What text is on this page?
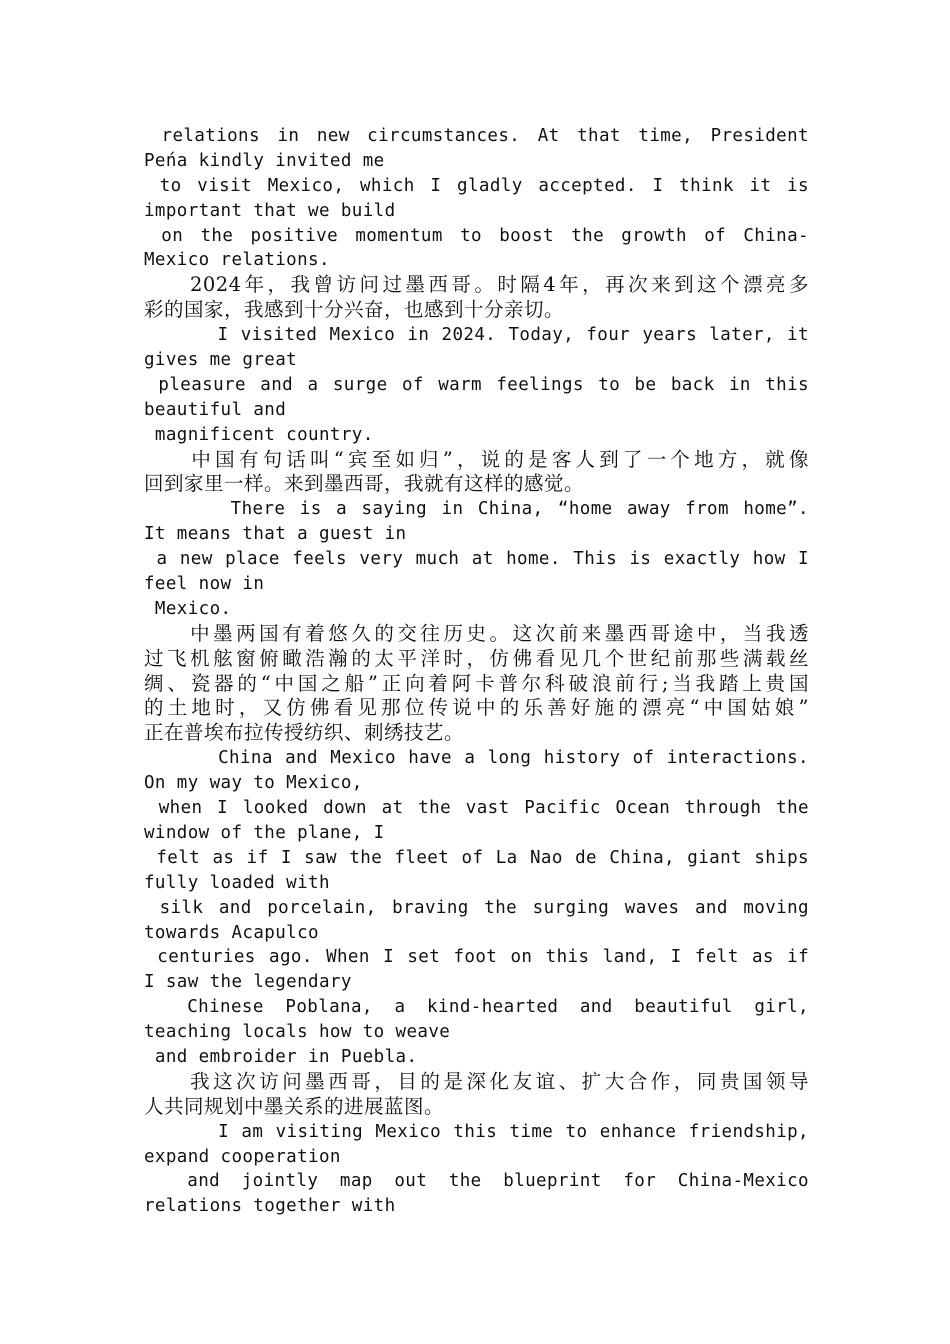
relations in new circumstances. At that time, President
Peńa kindly invited me
to visit Mexico, which I gladly accepted. I think it is
important that we build
on the positive momentum to boost the growth of China-
Mexico relations.
　　2024年，我曾访问过墨西哥。时隔4年，再次来到这个漂亮多
彩的国家，我感到十分兴奋，也感到十分亲切。
I visited Mexico in 2024. Today, four years later, it
gives me great
pleasure and a surge of warm feelings to be back in this
beautiful and
magnificent country.
　　中国有句话叫“宾至如归”，说的是客人到了一个地方，就像
回到家里一样。来到墨西哥，我就有这样的感觉。
There is a saying in China, “home away from home”.
It means that a guest in
a new place feels very much at home. This is exactly how I
feel now in
Mexico.
　　中墨两国有着悠久的交往历史。这次前来墨西哥途中，当我透
过飞机舷窗俯瞰浩瀚的太平洋时，仿佛看见几个世纪前那些满载丝
绸、瓷器的“中国之船”正向着阿卡普尔科破浪前行;当我踏上贵国
的土地时，又仿佛看见那位传说中的乐善好施的漂亮“中国姑娘”
正在普埃布拉传授纺织、刺绣技艺。
China and Mexico have a long history of interactions.
On my way to Mexico,
when I looked down at the vast Pacific Ocean through the
window of the plane, I
felt as if I saw the fleet of La Nao de China, giant ships
fully loaded with
silk and porcelain, braving the surging waves and moving
towards Acapulco
centuries ago. When I set foot on this land, I felt as if
I saw the legendary
Chinese Poblana, a kind-hearted and beautiful girl,
teaching locals how to weave
and embroider in Puebla.
　　我这次访问墨西哥，目的是深化友谊、扩大合作，同贵国领导
人共同规划中墨关系的进展蓝图。
I am visiting Mexico this time to enhance friendship,
expand cooperation
and jointly map out the blueprint for China-Mexico
relations together with
